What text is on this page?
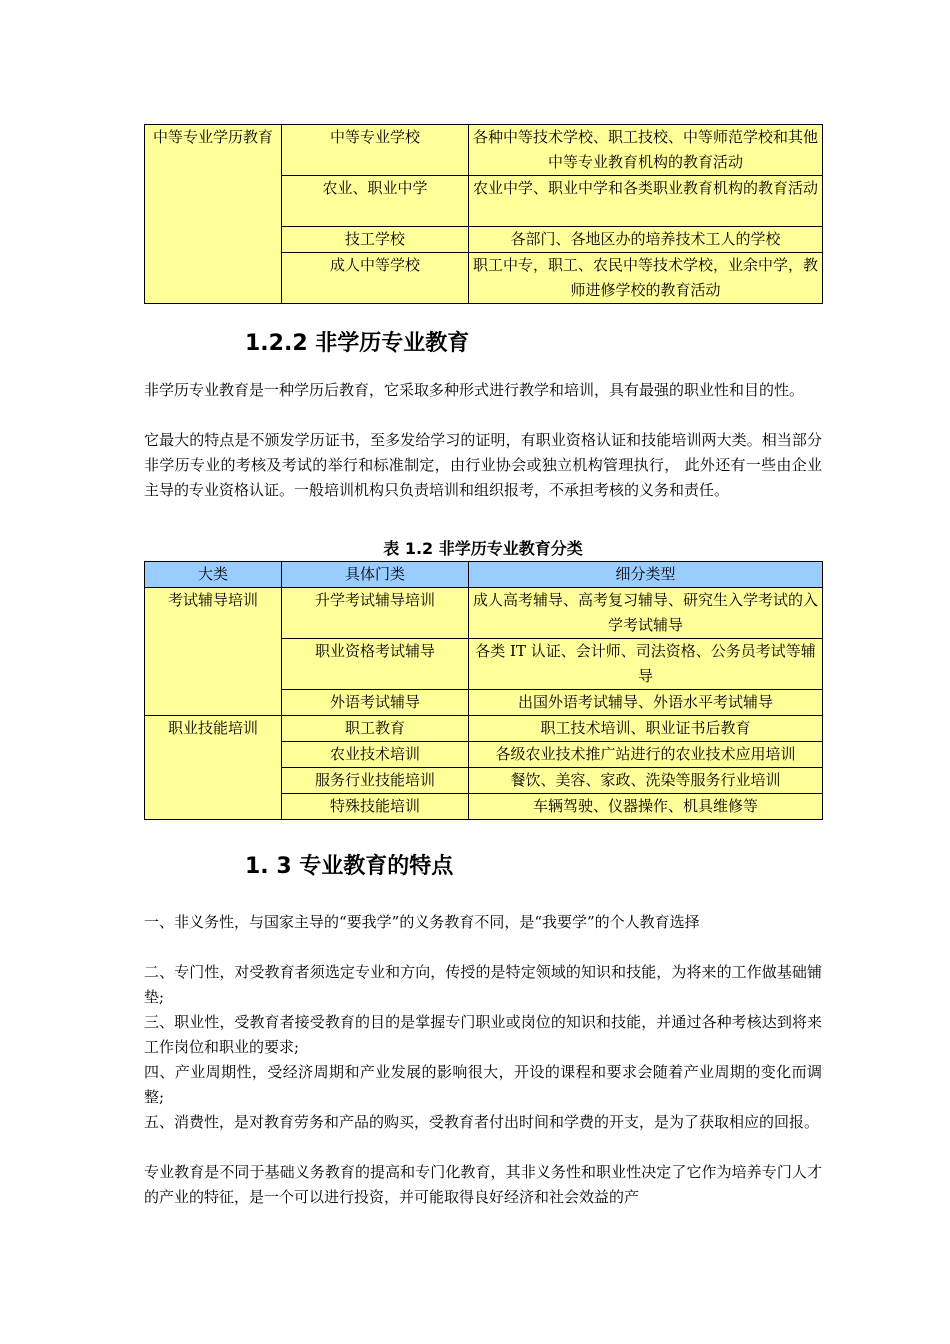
中等专业学历教育	中等专业学校	各种中等技术学校、职工技校、中等师范学校和其他中等专业教育机构的教育活动
	农业、职业中学	农业中学、职业中学和各类职业教育机构的教育活动
	技工学校	各部门、各地区办的培养技术工人的学校
	成人中等学校	职工中专，职工、农民中等技术学校，业余中学，教师进修学校的教育活动
1.2.2 非学历专业教育

非学历专业教育是一种学历后教育，它采取多种形式进行教学和培训，具有最强的职业性和目的性。

它最大的特点是不颁发学历证书，至多发给学习的证明，有职业资格认证和技能培训两大类。相当部分非学历专业的考核及考试的举行和标准制定，由行业协会或独立机构管理执行， 此外还有一些由企业主导的专业资格认证。一般培训机构只负责培训和组织报考，不承担考核的义务和责任。

表 1.2 非学历专业教育分类
大类	具体门类	细分类型
考试辅导培训	升学考试辅导培训	成人高考辅导、高考复习辅导、研究生入学考试的入学考试辅导
	职业资格考试辅导	各类 IT 认证、会计师、司法资格、公务员考试等辅导
	外语考试辅导	出国外语考试辅导、外语水平考试辅导
职业技能培训	职工教育	职工技术培训、职业证书后教育
	农业技术培训	各级农业技术推广站进行的农业技术应用培训
	服务行业技能培训	餐饮、美容、家政、洗染等服务行业培训
	特殊技能培训	车辆驾驶、仪器操作、机具维修等
1. 3 专业教育的特点

一、非义务性，与国家主导的“要我学”的义务教育不同，是“我要学”的个人教育选择

二、专门性，对受教育者须选定专业和方向，传授的是特定领域的知识和技能，为将来的工作做基础铺垫;

三、职业性，受教育者接受教育的目的是掌握专门职业或岗位的知识和技能，并通过各种考核达到将来工作岗位和职业的要求;

四、产业周期性，受经济周期和产业发展的影响很大，开设的课程和要求会随着产业周期的变化而调整;

五、消费性，是对教育劳务和产品的购买，受教育者付出时间和学费的开支，是为了获取相应的回报。

专业教育是不同于基础义务教育的提高和专门化教育，其非义务性和职业性决定了它作为培养专门人才的产业的特征，是一个可以进行投资，并可能取得良好经济和社会效益的产
